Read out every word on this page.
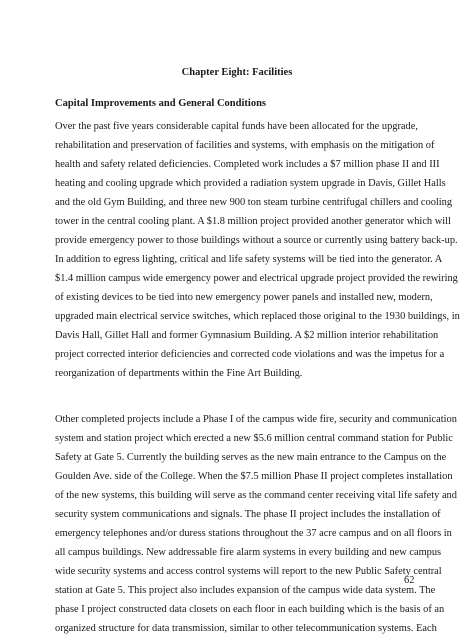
Chapter Eight: Facilities
Capital Improvements and General Conditions
Over the past five years considerable capital funds have been allocated for the upgrade,
rehabilitation and preservation of facilities and systems, with emphasis on the mitigation of
health and safety related deficiencies. Completed work includes a $7 million phase II and III
heating and cooling upgrade which provided a radiation system upgrade in Davis, Gillet Halls
and the old Gym Building, and three new 900 ton steam turbine centrifugal chillers and cooling
tower in the central cooling plant. A $1.8 million project provided another generator which will
provide emergency power to those buildings without a source or currently using battery back-up.
In addition to egress lighting, critical and life safety systems will be tied into the generator. A
$1.4 million campus wide emergency power and electrical upgrade project provided the rewiring
of existing devices to be tied into new emergency power panels and installed new, modern,
upgraded main electrical service switches, which replaced those original to the 1930 buildings, in
Davis Hall, Gillet Hall and former Gymnasium Building. A $2 million interior rehabilitation
project corrected interior deficiencies and corrected code violations and was the impetus for a
reorganization of departments within the Fine Art Building.
Other completed projects include a Phase I of the campus wide fire, security and communication
system and station project which erected a new $5.6 million central command station for Public
Safety at Gate 5. Currently the building serves as the new main entrance to the Campus on the
Goulden Ave. side of the College. When the $7.5 million Phase II project completes installation
of the new systems, this building will serve as the command center receiving vital life safety and
security system communications and signals. The phase II project includes the installation of
emergency telephones and/or duress stations throughout the 37 acre campus and on all floors in
all campus buildings. New addressable fire alarm systems in every building and new campus
wide security systems and access control systems will report to the new Public Safety central
station at Gate 5. This project also includes expansion of the campus wide data system. The
phase I project constructed data closets on each floor in each building which is the basis of an
organized structure for data transmission, similar to other telecommunication systems. Each
62
